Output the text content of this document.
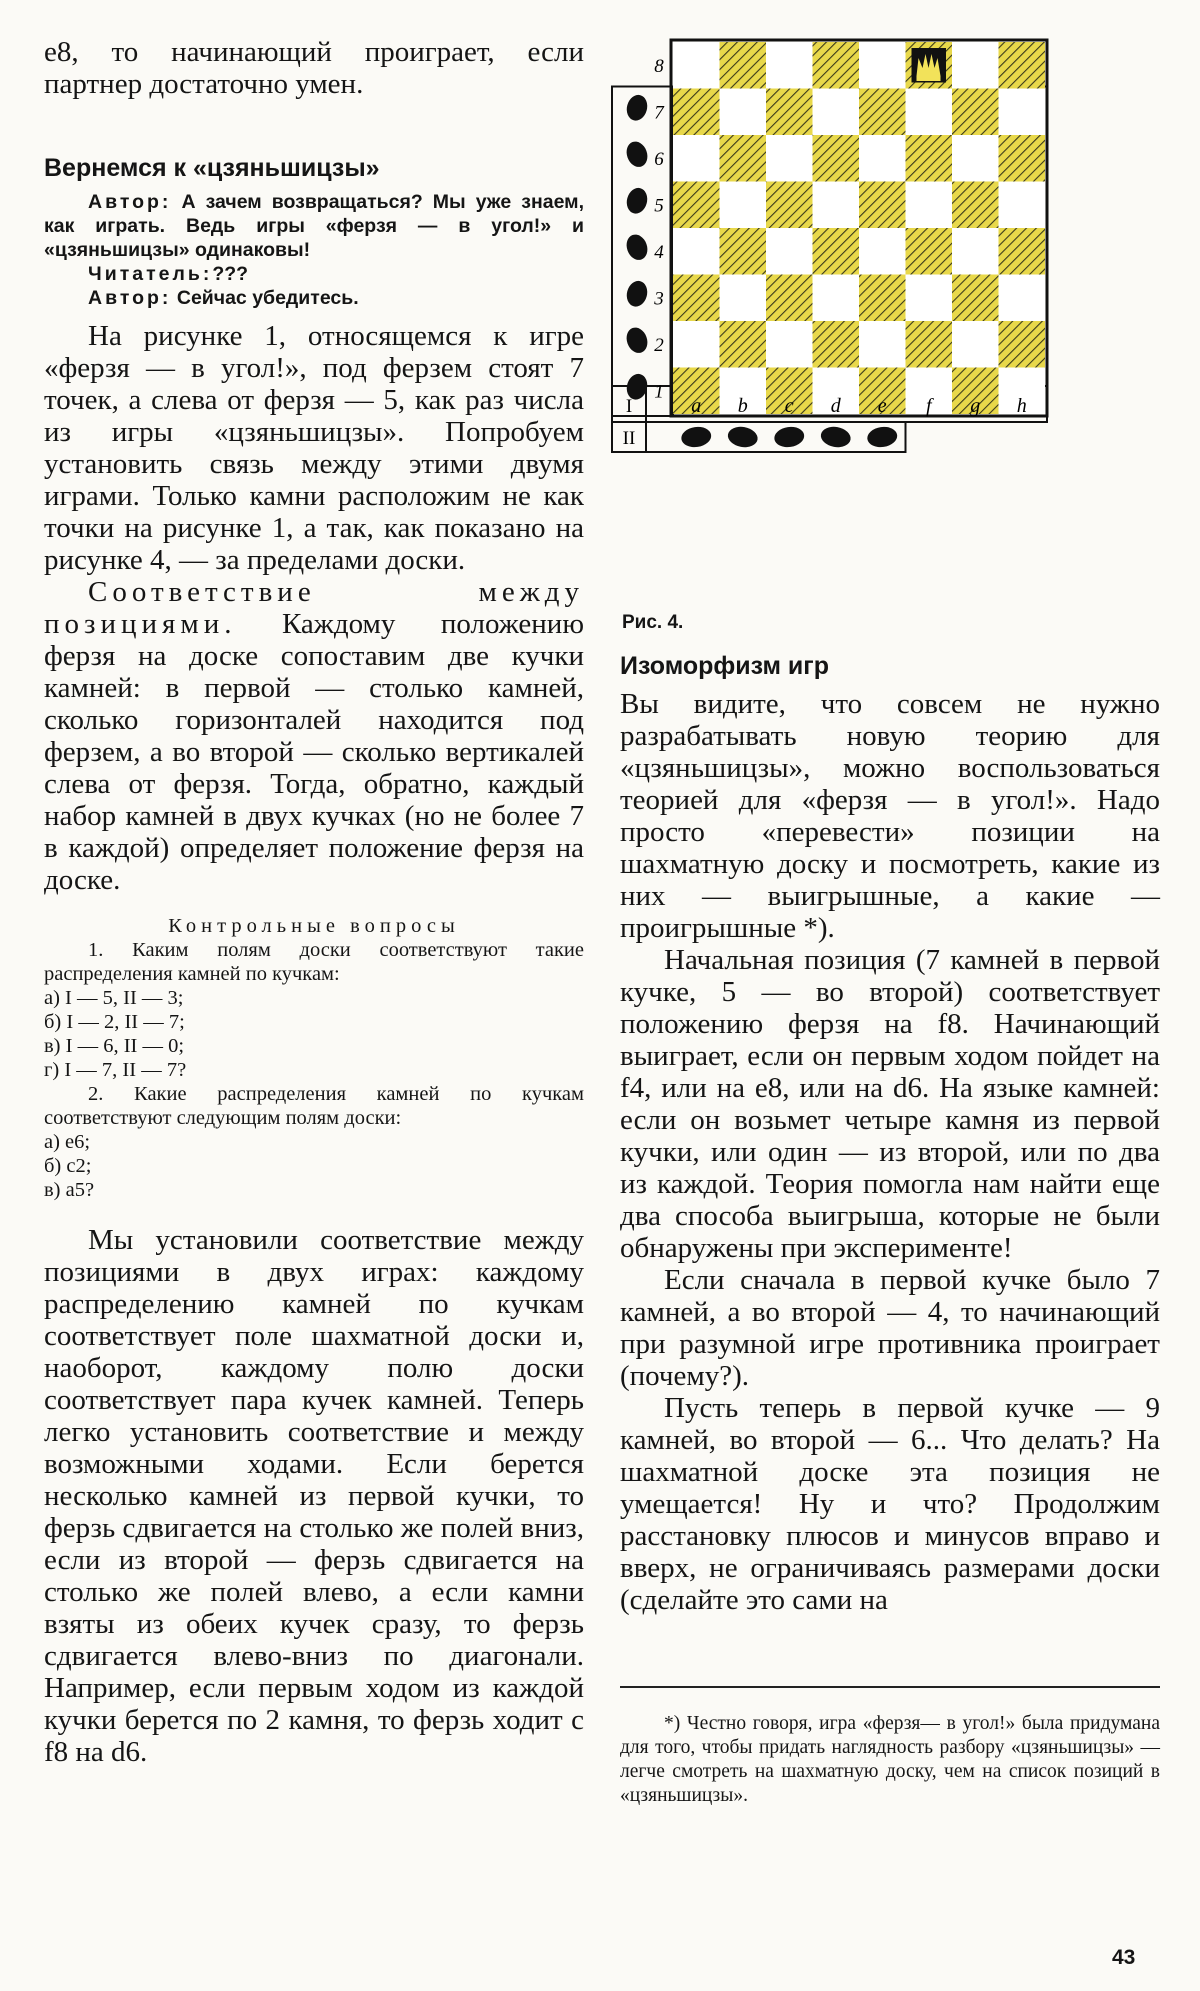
е8, то начинающий проиграет, если партнер достаточно умен.

Вернемся к «цзяньшицзы»

Автор: А зачем возвращаться? Мы уже знаем, как играть. Ведь игры «ферзя — в угол!» и «цзяньшицзы» одинаковы!

Читатель:???

Автор: Сейчас убедитесь.

На рисунке 1, относящемся к игре «ферзя — в угол!», под ферзем стоят 7 точек, а слева от ферзя — 5, как раз числа из игры «цзяньшицзы». Попробуем установить связь между этими двумя играми. Только камни расположим не как точки на рисунке 1, а так, как показано на рисунке 4, — за пределами доски.

Соответствие между позициями. Каждому положению ферзя на доске сопоставим две кучки камней: в первой — столько камней, сколько горизонталей находится под ферзем, а во второй — сколько вертикалей слева от ферзя. Тогда, обратно, каждый набор камней в двух кучках (но не более 7 в каждой) определяет положение ферзя на доске.

Контрольные вопросы

1. Каким полям доски соответствуют такие распределения камней по кучкам:

а) I — 5, II — 3;
б) I — 2, II — 7;
в) I — 6, II — 0;
г) I — 7, II — 7?

2. Какие распределения камней по кучкам соответствуют следующим полям доски:

а) е6;
б) с2;
в) а5?

Мы установили соответствие между позициями в двух играх: каждому распределению камней по кучкам соответствует поле шахматной доски и, наоборот, каждому полю доски соответствует пара кучек камней. Теперь легко установить соответствие и между возможными ходами. Если берется несколько камней из первой кучки, то ферзь сдвигается на столько же полей вниз, если из второй — ферзь сдвигается на столько же полей влево, а если камни взяты из обеих кучек сразу, то ферзь сдвигается влево-вниз по диагонали. Например, если первым ходом из каждой кучки берется по 2 камня, то ферзь ходит с f8 на d6.

8
7
6
5
4
3
2
1
a b c d e f g h
I
II
Рис. 4.
Изоморфизм игр

Вы видите, что совсем не нужно разрабатывать новую теорию для «цзяньшицзы», можно воспользоваться теорией для «ферзя — в угол!». Надо просто «перевести» позиции на шахматную доску и посмотреть, какие из них — выигрышные, а какие — проигрышные *).

Начальная позиция (7 камней в первой кучке, 5 — во второй) соответствует положению ферзя на f8. Начинающий выиграет, если он первым ходом пойдет на f4, или на e8, или на d6. На языке камней: если он возьмет четыре камня из первой кучки, или один — из второй, или по два из каждой. Теория помогла нам найти еще два способа выигрыша, которые не были обнаружены при эксперименте!

Если сначала в первой кучке было 7 камней, а во второй — 4, то начинающий при разумной игре противника проиграет (почему?).

Пусть теперь в первой кучке — 9 камней, во второй — 6... Что делать? На шахматной доске эта позиция не умещается! Ну и что? Продолжим расстановку плюсов и минусов вправо и вверх, не ограничиваясь размерами доски (сделайте это сами на

*) Честно говоря, игра «ферзя— в угол!» была придумана для того, чтобы придать наглядность разбору «цзяньшицзы» — легче смотреть на шахматную доску, чем на список позиций в «цзяньшицзы».

43
